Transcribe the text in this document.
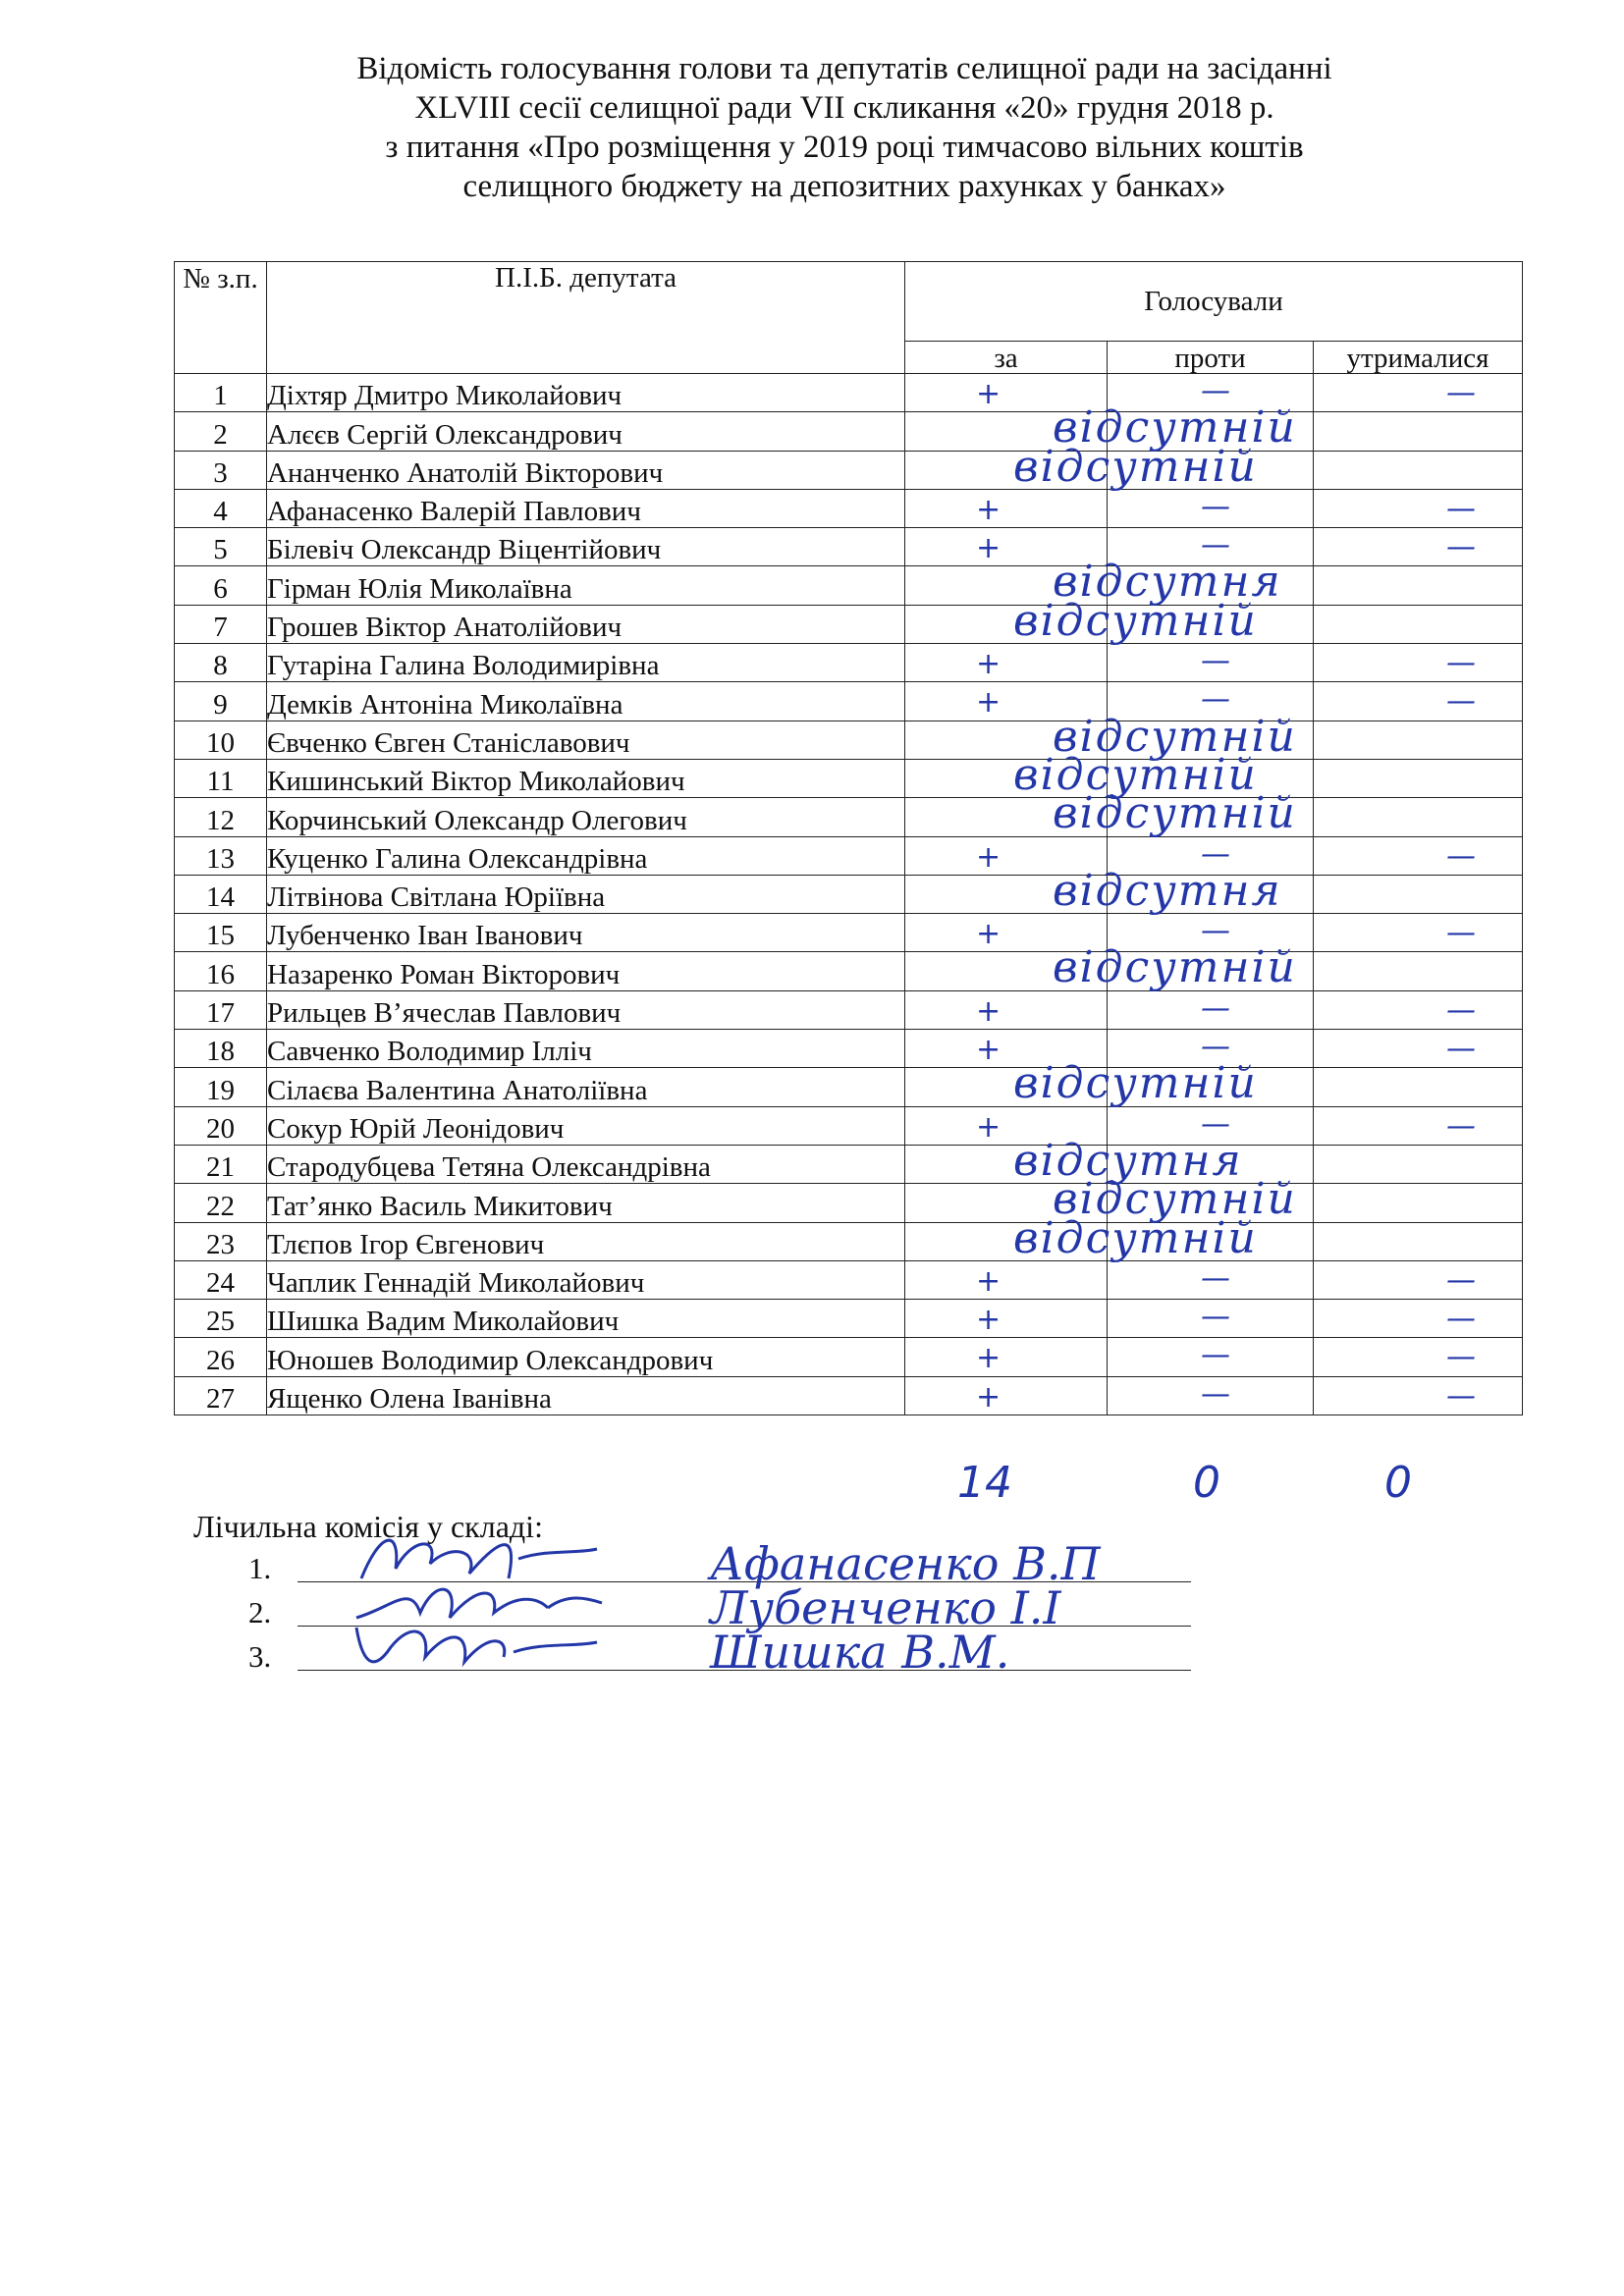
Відомість голосування голови та депутатів селищної ради на засіданні
XLVIII сесії селищної ради VII скликання «20» грудня 2018 р.
з питання «Про розміщення у 2019 році тимчасово вільних коштів
селищного бюджету на депозитних рахунках у банках»
№ з.п.	П.І.Б. депутата	Голосували		
		за	проти	утрималися
1	Діхтяр Дмитро Миколайович	+	—	—

2	Алєєв Сергій Олександрович	відсутній		

3	Ананченко Анатолій Вікторович	відсутній		

4	Афанасенко Валерій Павлович	+	—	—

5	Білевіч Олександр Віцентійович	+	—	—

6	Гірман Юлія Миколаївна	відсутня		

7	Грошев Віктор Анатолійович	відсутній		

8	Гутаріна Галина Володимирівна	+	—	—

9	Демків Антоніна Миколаївна	+	—	—

10	Євченко Євген Станіславович	відсутній		

11	Кишинський Віктор Миколайович	відсутній		

12	Корчинський Олександр Олегович	відсутній		

13	Куценко Галина Олександрівна	+	—	—

14	Літвінова Світлана Юріївна	відсутня		

15	Лубенченко Іван Іванович	+	—	—

16	Назаренко Роман Вікторович	відсутній		

17	Рильцев В’ячеслав Павлович	+	—	—

18	Савченко Володимир Ілліч	+	—	—

19	Сілаєва Валентина Анатоліївна	відсутній		

20	Сокур Юрій Леонідович	+	—	—

21	Стародубцева Тетяна Олександрівна	відсутня		

22	Тат’янко Василь Микитович	відсутній		

23	Тлєпов Ігор Євгенович	відсутній		

24	Чаплик Геннадій Миколайович	+	—	—

25	Шишка Вадим Миколайович	+	—	—

26	Юношев Володимир Олександрович	+	—	—

27	Ященко Олена Іванівна	+	—	—
14	0	0
Лічильна комісія у складі:
1.	Афанасенко В.П
2.	Лубенченко І.І
3.	Шишка В.М.
